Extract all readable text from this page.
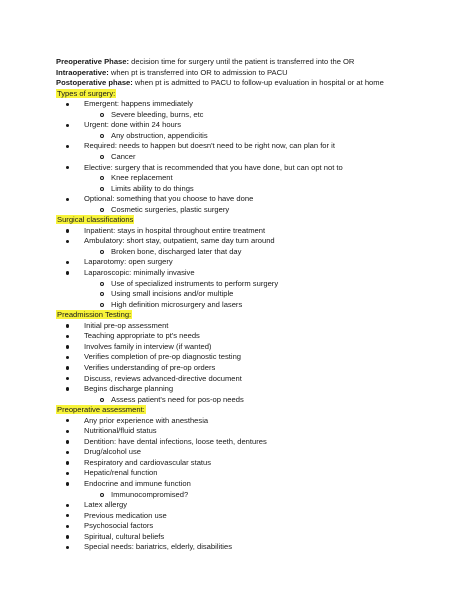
Preoperative Phase: decision time for surgery until the patient is transferred into the OR
Intraoperative: when pt is transferred into OR to admission to PACU
Postoperative phase: when pt is admitted to PACU to follow-up evaluation in hospital or at home
Types of surgery:
Emergent: happens immediately
Severe bleeding, burns, etc
Urgent: done within 24 hours
Any obstruction, appendicitis
Required: needs to happen but doesn't need to be right now, can plan for it
Cancer
Elective: surgery that is recommended that you have done, but can opt not to
Knee replacement
Limits ability to do things
Optional: something that you choose to have done
Cosmetic surgeries, plastic surgery
Surgical classifications
Inpatient: stays in hospital throughout entire treatment
Ambulatory: short stay, outpatient, same day turn around
Broken bone, discharged later that day
Laparotomy: open surgery
Laparoscopic: minimally invasive
Use of specialized instruments to perform surgery
Using small incisions and/or multiple
High definition microsurgery and lasers
Preadmission Testing:
Initial pre-op assessment
Teaching appropriate to pt's needs
Involves family in interview (if wanted)
Verifies completion of pre-op diagnostic testing
Verifies understanding of pre-op orders
Discuss, reviews advanced-directive document
Begins discharge planning
Assess patient's need for pos-op needs
Preoperative assessment:
Any prior experience with anesthesia
Nutritional/fluid status
Dentition: have dental infections, loose teeth, dentures
Drug/alcohol use
Respiratory and cardiovascular status
Hepatic/renal function
Endocrine and immune function
Immunocompromised?
Latex allergy
Previous medication use
Psychosocial factors
Spiritual, cultural beliefs
Special needs: bariatrics, elderly, disabilities
